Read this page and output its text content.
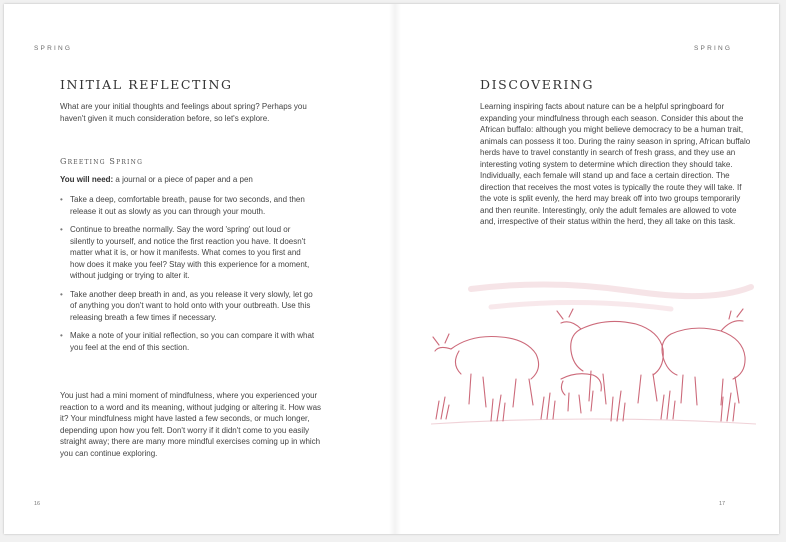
SPRING
INITIAL REFLECTING

What are your initial thoughts and feelings about spring? Perhaps you haven't given it much consideration before, so let's explore.

Greeting Spring

You will need: a journal or a piece of paper and a pen

• Take a deep, comfortable breath, pause for two seconds, and then release it out as slowly as you can through your mouth.
• Continue to breathe normally. Say the word 'spring' out loud or silently to yourself, and notice the first reaction you have. It doesn't matter what it is, or how it manifests. What comes to you first and how does it make you feel? Stay with this experience for a moment, without judging or trying to alter it.
• Take another deep breath in and, as you release it very slowly, let go of anything you don't want to hold onto with your outbreath. Use this releasing breath a few times if necessary.
• Make a note of your initial reflection, so you can compare it with what you feel at the end of this section.

You just had a mini moment of mindfulness, where you experienced your reaction to a word and its meaning, without judging or altering it. How was it? Your mindfulness might have lasted a few seconds, or much longer, depending upon how you felt. Don't worry if it didn't come to you easily straight away; there are many more mindful exercises coming up in which you can continue exploring.

16
SPRING
DISCOVERING

Learning inspiring facts about nature can be a helpful springboard for expanding your mindfulness through each season. Consider this about the African buffalo: although you might believe democracy to be a human trait, animals can possess it too. During the rainy season in spring, African buffalo herds have to travel constantly in search of fresh grass, and they use an interesting voting system to determine which direction they should take. Individually, each female will stand up and face a certain direction. The direction that receives the most votes is typically the route they will take. If the vote is split evenly, the herd may break off into two groups temporarily and then reunite. Interestingly, only the adult females are allowed to vote and, irrespective of their status within the herd, they all take on this task.

17
